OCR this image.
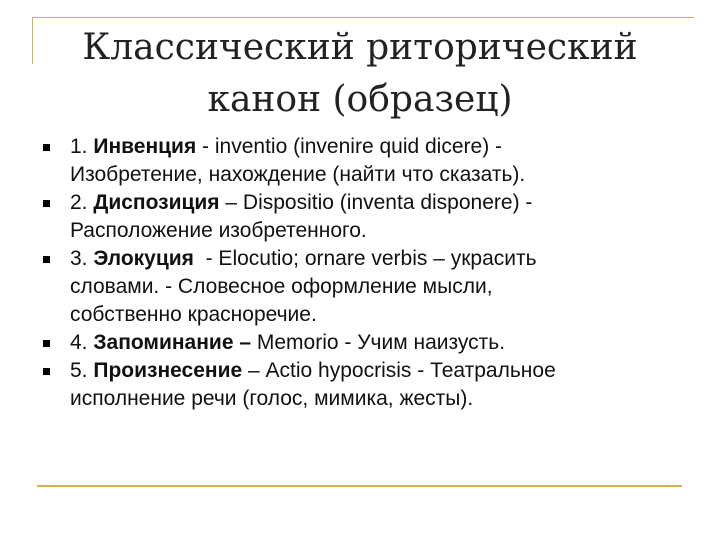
Классический риторический
канон (образец)
1. Инвенция - inventio (invenire quid dicere) -
Изобретение, нахождение (найти что сказать).
2. Диспозиция – Dispositio (inventa disponere) -
Расположение изобретенного.
3. Элокуция  - Elocutio; ornare verbis – украсить
словами. - Словесное оформление мысли,
собственно красноречие.
4. Запоминание – Memorio - Учим наизусть.
5. Произнесение – Actio hypocrisis - Театральное
исполнение речи (голос, мимика, жесты).
